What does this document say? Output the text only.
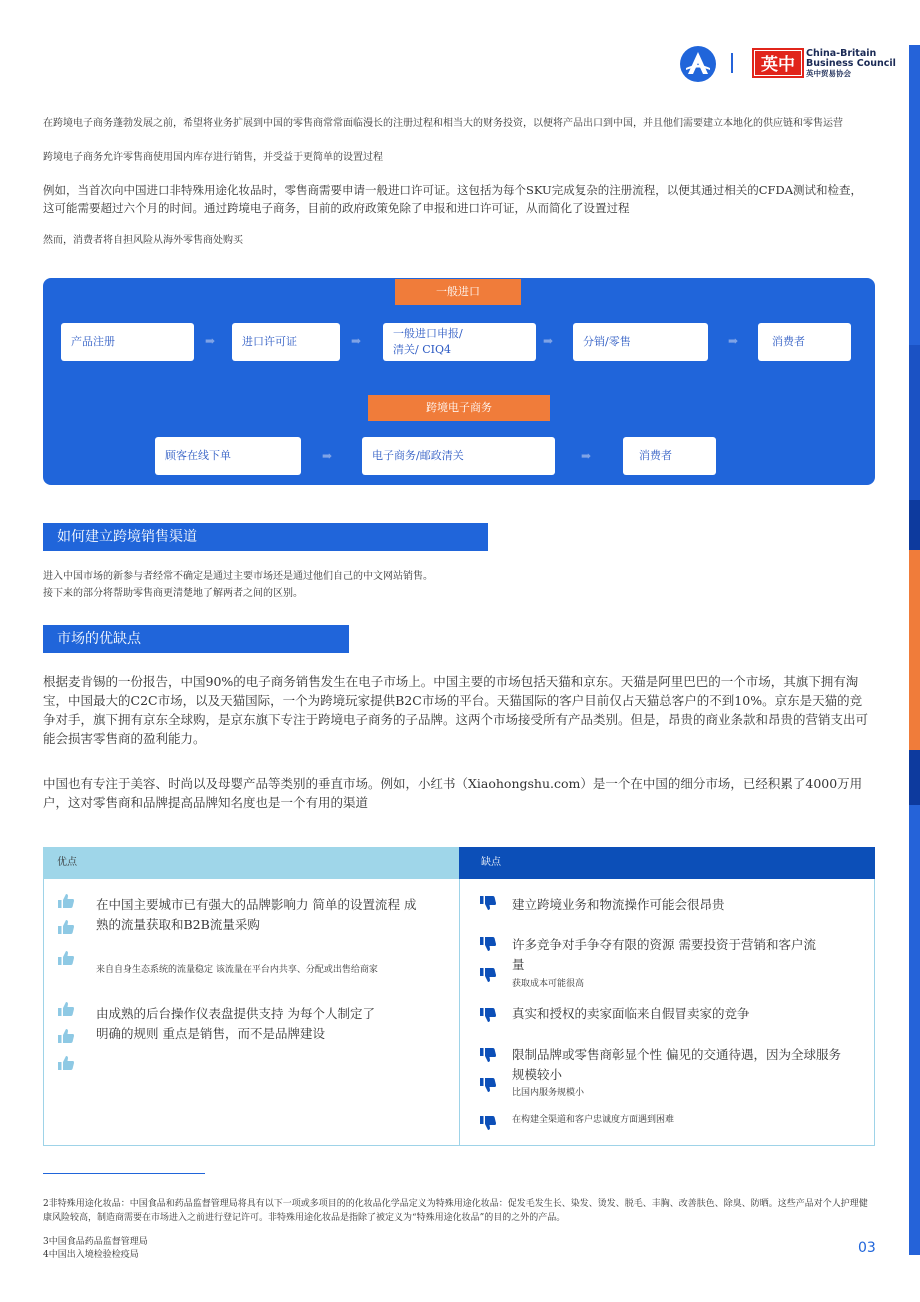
英中
China-Britain
Business Council
英中贸易协会
在跨境电子商务蓬勃发展之前，希望将业务扩展到中国的零售商常常面临漫长的注册过程和相当大的财务投资，以便将产品出口到中国，并且他们需要建立本地化的供应链和零售运营
跨境电子商务允许零售商使用国内库存进行销售，并受益于更简单的设置过程
例如，当首次向中国进口非特殊用途化妆品时，零售商需要申请一般进口许可证。这包括为每个SKU完成复杂的注册流程，以便其通过相关的CFDA测试和检查，这可能需要超过六个月的时间。通过跨境电子商务，目前的政府政策免除了申报和进口许可证，从而简化了设置过程
然而，消费者将自担风险从海外零售商处购买
一般进口
产品注册	➡	进口许可证	➡
一般进口申报/
清关/ CIQ4
➡	分销/零售	➡	消费者
跨境电子商务
顾客在线下单	➡	电子商务/邮政清关	➡	消费者
如何建立跨境销售渠道
进入中国市场的新参与者经常不确定是通过主要市场还是通过他们自己的中文网站销售。
接下来的部分将帮助零售商更清楚地了解两者之间的区别。
市场的优缺点
根据麦肯锡的一份报告，中国90%的电子商务销售发生在电子市场上。中国主要的市场包括天猫和京东。天猫是阿里巴巴的一个市场，其旗下拥有淘宝，中国最大的C2C市场，以及天猫国际，一个为跨境玩家提供B2C市场的平台。天猫国际的客户目前仅占天猫总客户的不到10%。京东是天猫的竞争对手，旗下拥有京东全球购，是京东旗下专注于跨境电子商务的子品牌。这两个市场接受所有产品类别。但是，昂贵的商业条款和昂贵的营销支出可能会损害零售商的盈利能力。
中国也有专注于美容、时尚以及母婴产品等类别的垂直市场。例如，小红书（Xiaohongshu.com）是一个在中国的细分市场，已经积累了4000万用户，这对零售商和品牌提高品牌知名度也是一个有用的渠道
优点	缺点
在中国主要城市已有强大的品牌影响力 简单的设置流程 成熟的流量获取和B2B流量采购
来自自身生态系统的流量稳定 该流量在平台内共享、分配或出售给商家
由成熟的后台操作仪表盘提供支持 为每个人制定了明确的规则 重点是销售，而不是品牌建设
建立跨境业务和物流操作可能会很昂贵
许多竞争对手争夺有限的资源 需要投资于营销和客户流量
获取成本可能很高
真实和授权的卖家面临来自假冒卖家的竞争
限制品牌或零售商彰显个性 偏见的交通待遇，因为全球服务规模较小
比国内服务规模小
在构建全渠道和客户忠诚度方面遇到困难
2非特殊用途化妆品：中国食品和药品监督管理局将具有以下一项或多项目的的化妆品化学品定义为特殊用途化妆品：促发毛发生长、染发、烫发、脱毛、丰胸、改善肤色、除臭、防晒。这些产品对个人护理健康风险较高，制造商需要在市场进入之前进行登记许可。非特殊用途化妆品是指除了被定义为“特殊用途化妆品”的目的之外的产品。
3中国食品药品监督管理局
4中国出入境检验检疫局	03
